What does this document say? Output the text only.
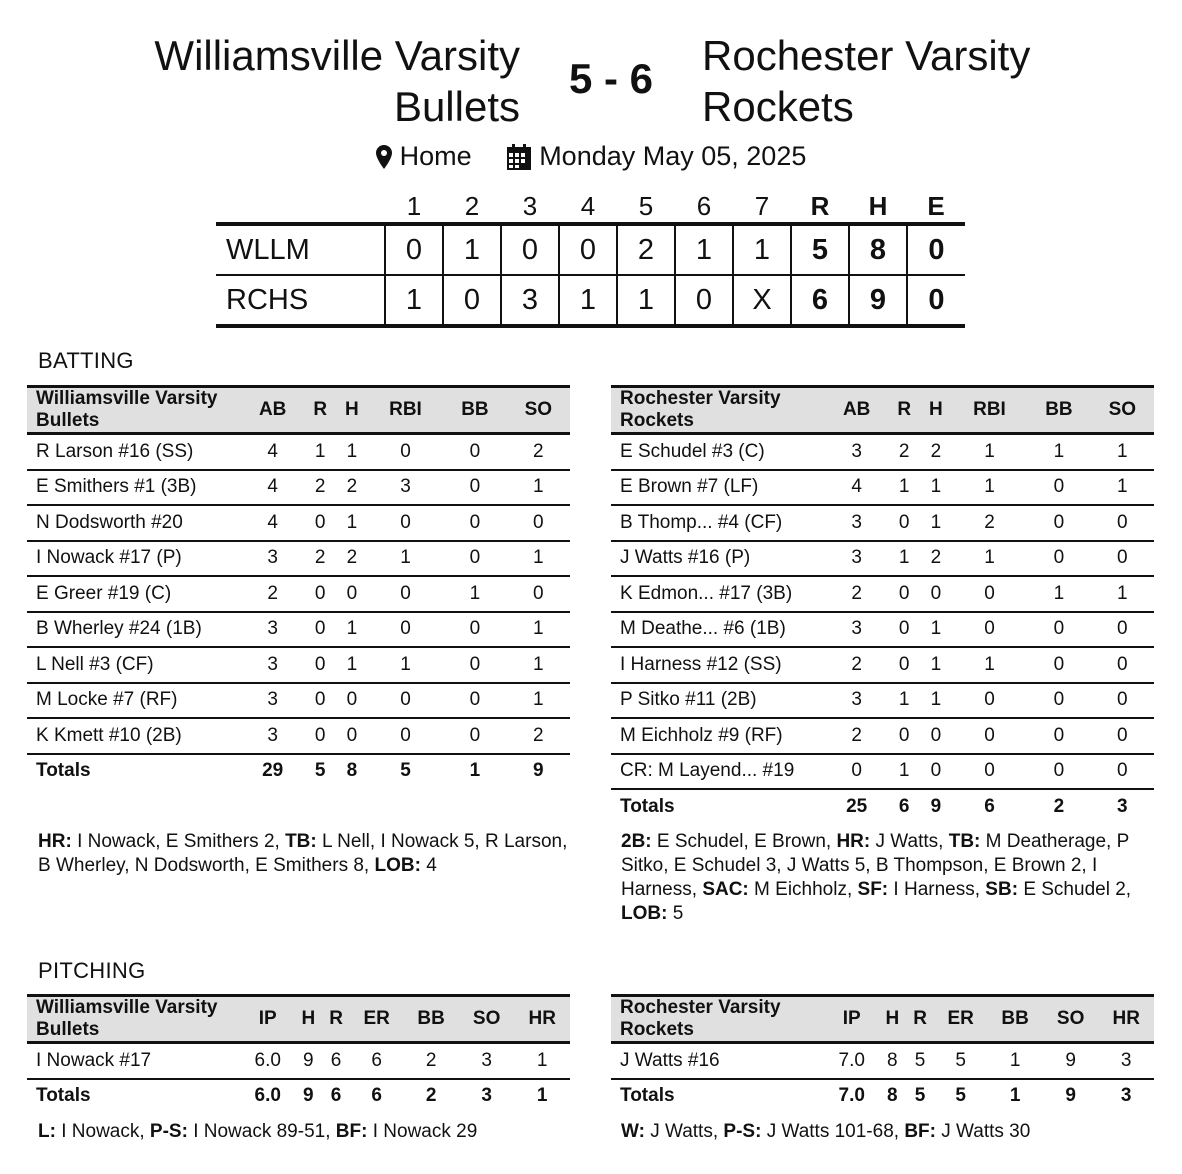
Williamsville Varsity
Bullets
5 - 6	Rochester Varsity
Rockets
Home
	Monday May 05, 2025
	1	2	3	4	5	6	7	R	H	E
WLLM	0	1	0	0	2	1	1	5	8	0
RCHS	1	0	3	1	1	0	X	6	9	0
BATTING
Williamsville Varsity Bullets	AB	R	H	RBI	BB	SO
R Larson #16 (SS)	4	1	1	0	0	2
E Smithers #1 (3B)	4	2	2	3	0	1
N Dodsworth #20	4	0	1	0	0	0
I Nowack #17 (P)	3	2	2	1	0	1
E Greer #19 (C)	2	0	0	0	1	0
B Wherley #24 (1B)	3	0	1	0	0	1
L Nell #3 (CF)	3	0	1	1	0	1
M Locke #7 (RF)	3	0	0	0	0	1
K Kmett #10 (2B)	3	0	0	0	0	2
Totals	29	5	8	5	1	9
Rochester Varsity Rockets	AB	R	H	RBI	BB	SO
E Schudel #3 (C)	3	2	2	1	1	1
E Brown #7 (LF)	4	1	1	1	0	1
B Thomp... #4 (CF)	3	0	1	2	0	0
J Watts #16 (P)	3	1	2	1	0	0
K Edmon... #17 (3B)	2	0	0	0	1	1
M Deathe... #6 (1B)	3	0	1	0	0	0
I Harness #12 (SS)	2	0	1	1	0	0
P Sitko #11 (2B)	3	1	1	0	0	0
M Eichholz #9 (RF)	2	0	0	0	0	0
CR: M Layend... #19	0	1	0	0	0	0
Totals	25	6	9	6	2	3
HR: I Nowack, E Smithers 2, TB: L Nell, I Nowack 5, R Larson, B Wherley, N Dodsworth, E Smithers 8, LOB: 4
2B: E Schudel, E Brown, HR: J Watts, TB: M Deatherage, P Sitko, E Schudel 3, J Watts 5, B Thompson, E Brown 2, I Harness, SAC: M Eichholz, SF: I Harness, SB: E Schudel 2, LOB: 5
PITCHING
Williamsville Varsity Bullets	IP	H	R	ER	BB	SO	HR
I Nowack #17	6.0	9	6	6	2	3	1
Totals	6.0	9	6	6	2	3	1
Rochester Varsity Rockets	IP	H	R	ER	BB	SO	HR
J Watts #16	7.0	8	5	5	1	9	3
Totals	7.0	8	5	5	1	9	3
L: I Nowack, P-S: I Nowack 89-51, BF: I Nowack 29	W: J Watts, P-S: J Watts 101-68, BF: J Watts 30
